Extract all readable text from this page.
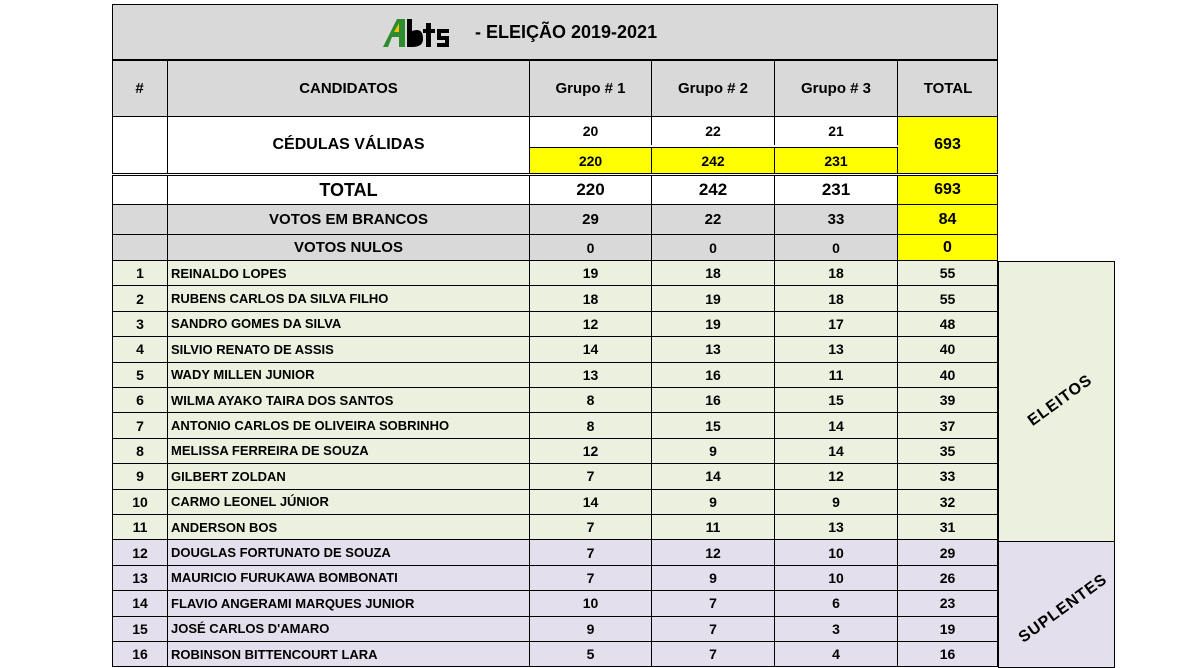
- ELEIÇÃO 2019-2021
#	CANDIDATOS	Grupo # 1	Grupo # 2	Grupo # 3	TOTAL
CÉDULAS VÁLIDAS
20	22	21
220	242	231
693
TOTAL	220	242	231	693
VOTOS EM BRANCOS	29	22	33	84
VOTOS NULOS	0	0	0	0
1	REINALDO LOPES	19	18	18	55
2	RUBENS CARLOS DA SILVA FILHO	18	19	18	55
3	SANDRO GOMES DA SILVA	12	19	17	48
4	SILVIO RENATO DE ASSIS	14	13	13	40
5	WADY MILLEN JUNIOR	13	16	11	40
6	WILMA AYAKO TAIRA DOS SANTOS	8	16	15	39
7	ANTONIO CARLOS DE OLIVEIRA SOBRINHO	8	15	14	37
8	MELISSA FERREIRA DE SOUZA	12	9	14	35
9	GILBERT ZOLDAN	7	14	12	33
10	CARMO LEONEL JÚNIOR	14	9	9	32
11	ANDERSON BOS	7	11	13	31
12	DOUGLAS FORTUNATO DE SOUZA	7	12	10	29
13	MAURICIO FURUKAWA BOMBONATI	7	9	10	26
14	FLAVIO ANGERAMI MARQUES JUNIOR	10	7	6	23
15	JOSÉ CARLOS D'AMARO	9	7	3	19
16	ROBINSON BITTENCOURT LARA	5	7	4	16
ELEITOS
SUPLENTES
